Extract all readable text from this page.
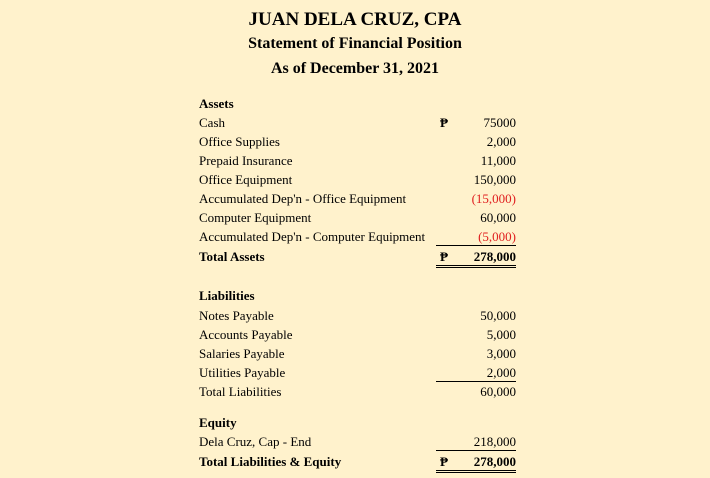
JUAN DELA CRUZ, CPA
Statement of Financial Position
As of December 31, 2021
Assets
Cash	₱	75000
Office Supplies	2,000
Prepaid Insurance	11,000
Office Equipment	150,000
Accumulated Dep'n - Office Equipment	(15,000)
Computer Equipment	60,000
Accumulated Dep'n - Computer Equipment	(5,000)
Total Assets	₱	278,000
Liabilities
Notes Payable	50,000
Accounts Payable	5,000
Salaries Payable	3,000
Utilities Payable	2,000
Total Liabilities	60,000
Equity
Dela Cruz, Cap - End	218,000
Total Liabilities & Equity	₱	278,000
